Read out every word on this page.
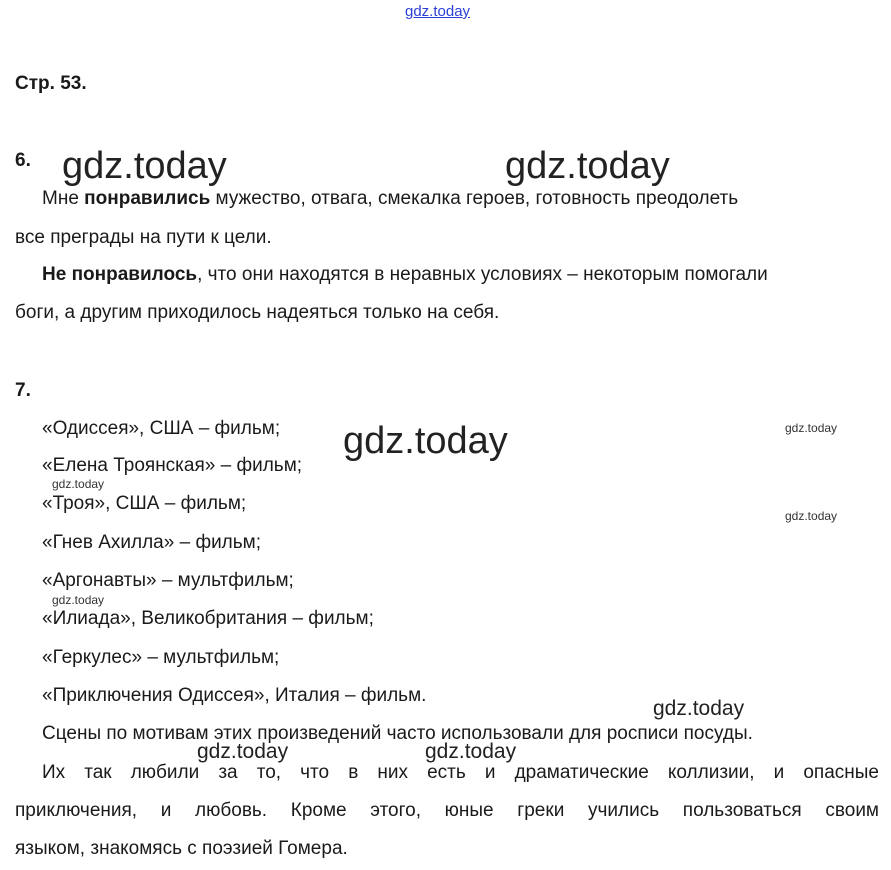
gdz.today
Стр. 53.
6. gdz.today	gdz.today
Мне понравились мужество, отвага, смекалка героев, готовность преодолеть
все преграды на пути к цели.
Не понравилось, что они находятся в неравных условиях – некоторым помогали
боги, а другим приходилось надеяться только на себя.
7.
«Одиссея», США – фильм; gdz.today	gdz.today
«Елена Троянская» – фильм;
gdz.today
«Троя», США – фильм;
gdz.today
«Гнев Ахилла» – фильм;
«Аргонавты» – мультфильм;
gdz.today
«Илиада», Великобритания – фильм;
«Геркулес» – мультфильм;
«Приключения Одиссея», Италия – фильм.
gdz.today
Сцены по мотивам этих произведений часто использовали для росписи посуды.
gdz.today	gdz.today
Их так любили за то, что в них есть и драматические коллизии, и опасные
приключения, и любовь. Кроме этого, юные греки учились пользоваться своим
языком, знакомясь с поэзией Гомера.
